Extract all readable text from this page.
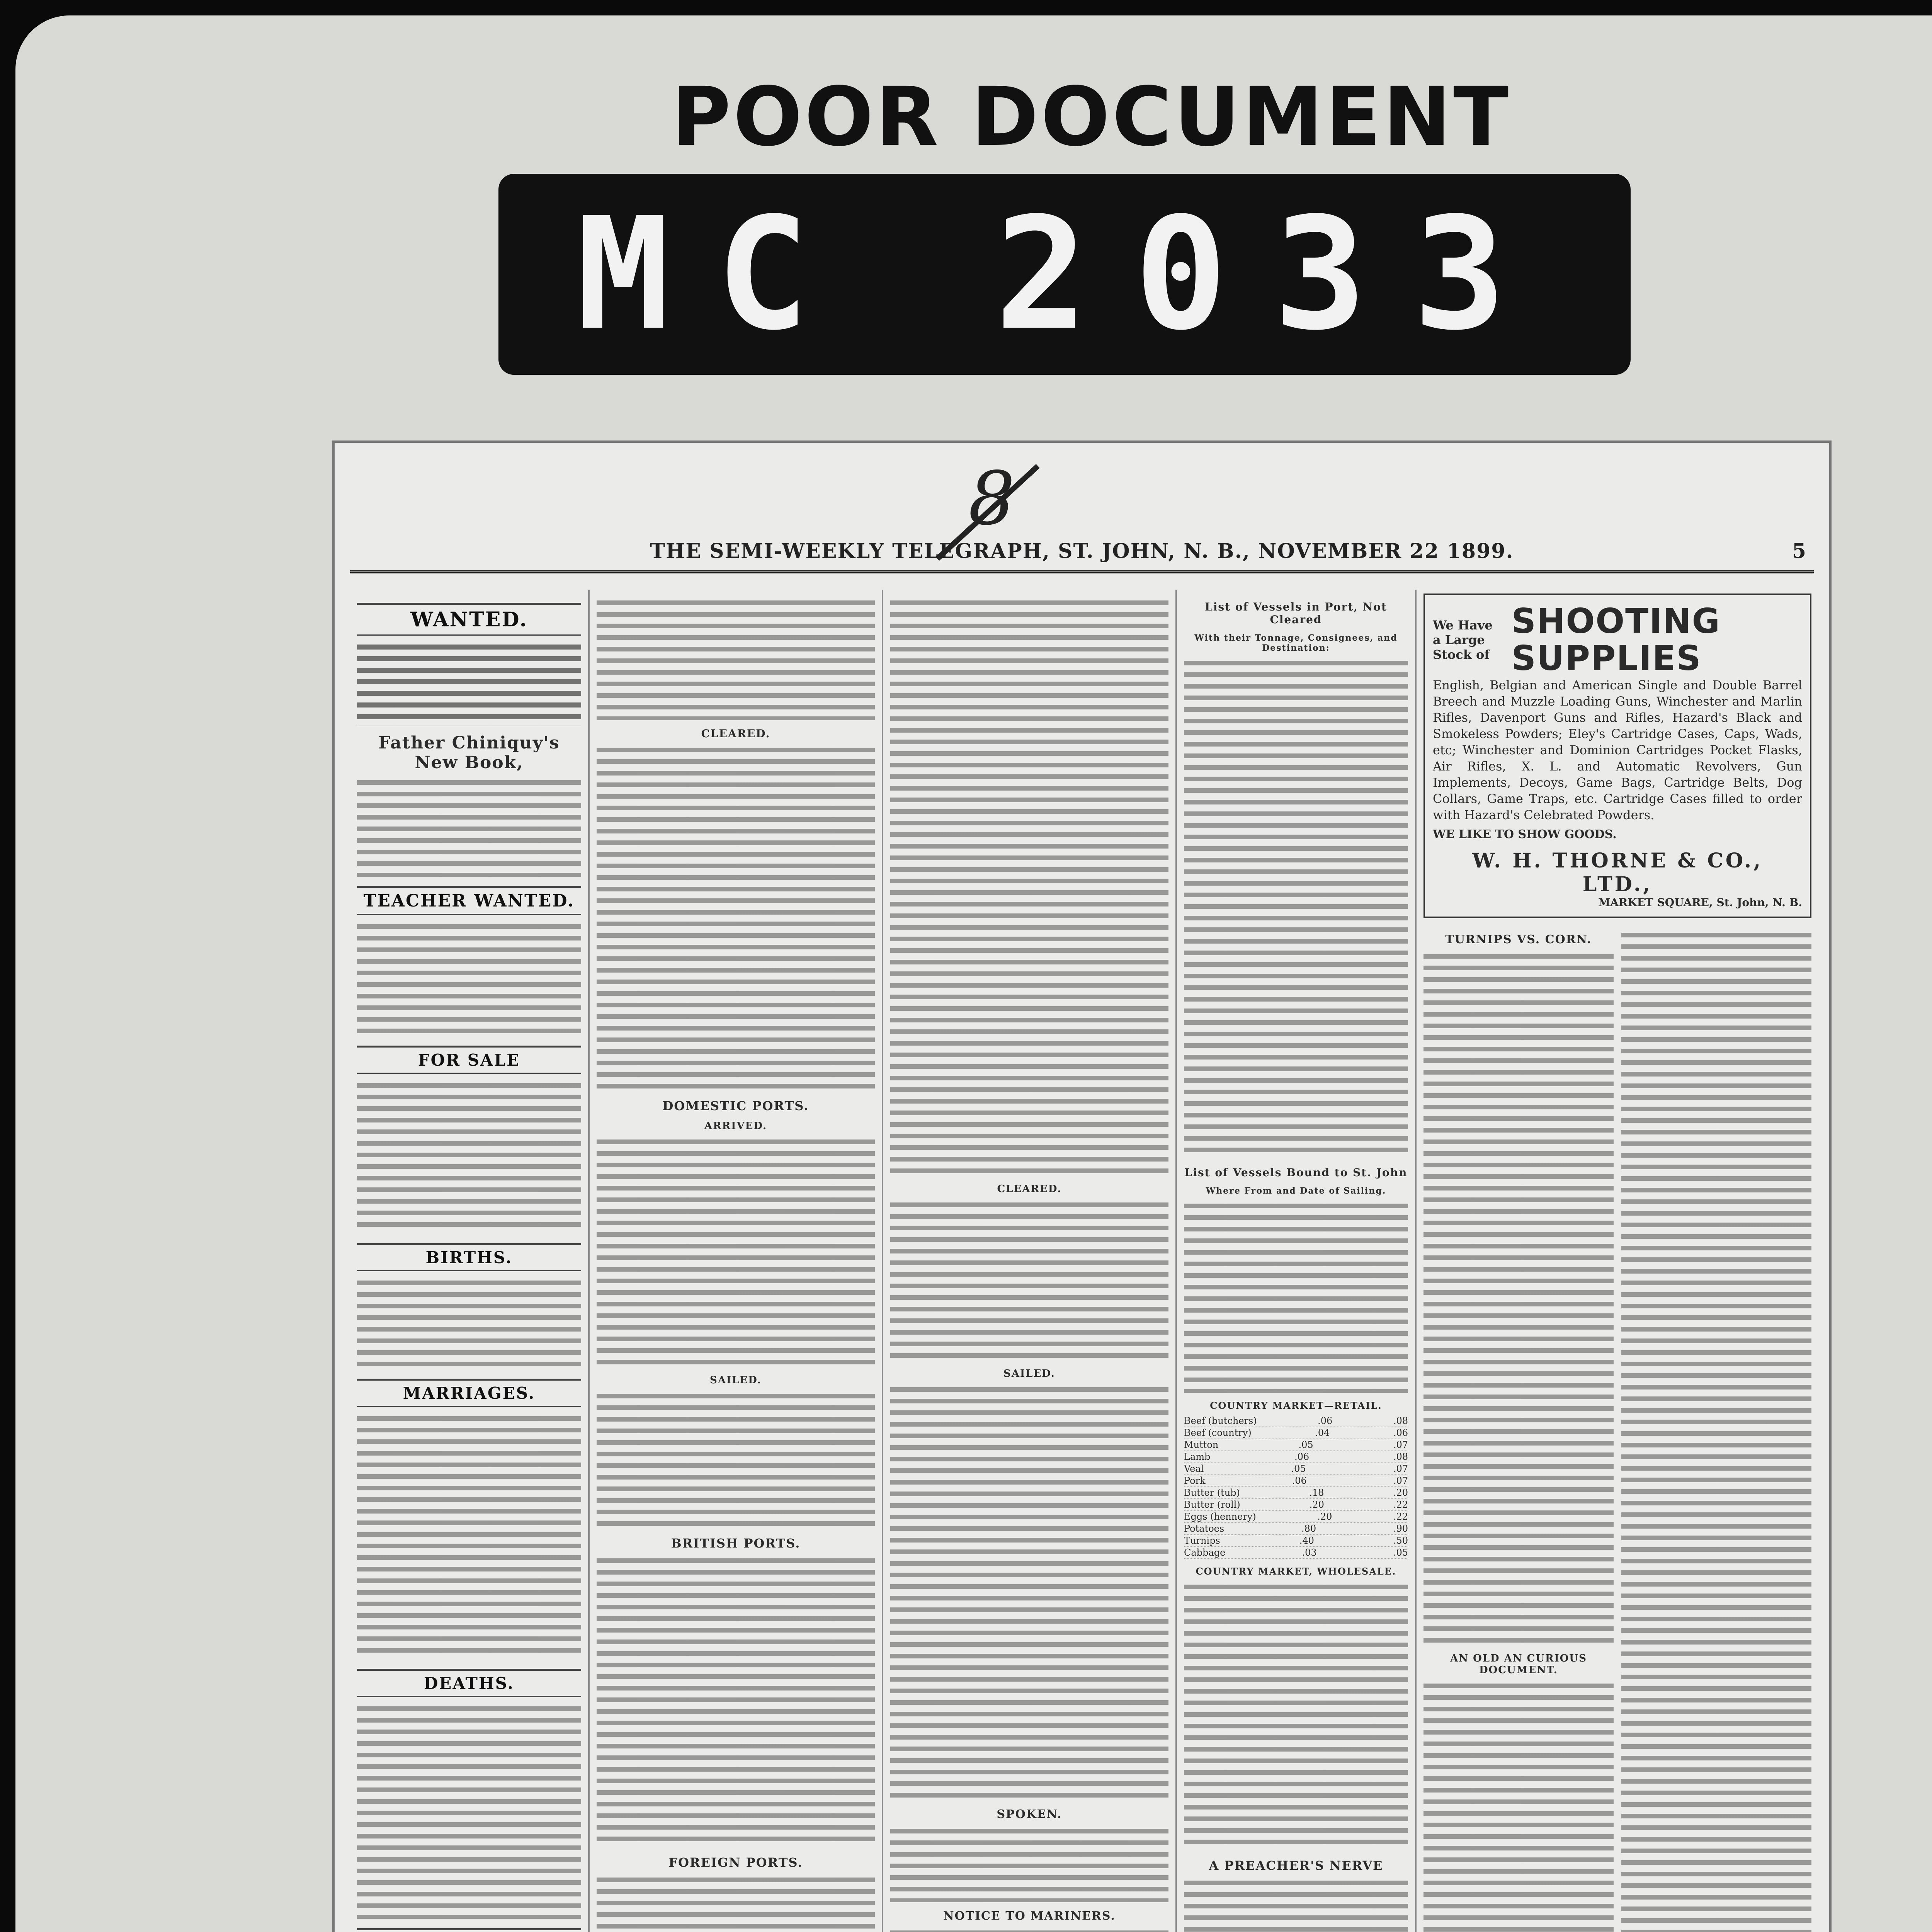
POOR DOCUMENT
MC 2033
8
THE SEMI-WEEKLY TELEGRAPH, ST. JOHN, N. B., NOVEMBER 22 1899.	5
WANTED.
Father Chiniquy's New Book,
TEACHER WANTED.
FOR SALE
BIRTHS.
MARRIAGES.
DEATHS.
CLEARED.
DOMESTIC PORTS.
ARRIVED.
SAILED.
BRITISH PORTS.
FOREIGN PORTS.
CLEARED.
SAILED.
SPOKEN.
NOTICE TO MARINERS.
List of Vessels in Port, Not Cleared
With their Tonnage, Consignees, and Destination:
List of Vessels Bound to St. John
Where From and Date of Sailing.
COUNTRY MARKET—RETAIL.
Beef (butchers)	.06	.08
Beef (country)	.04	.06
Mutton	.05	.07
Lamb	.06	.08
Veal	.05	.07
Pork	.06	.07
Butter (tub)	.18	.20
Butter (roll)	.20	.22
Eggs (hennery)	.20	.22
Potatoes	.80	.90
Turnips	.40	.50
Cabbage	.03	.05
COUNTRY MARKET, WHOLESALE.
A PREACHER'S NERVE
We Have a Large Stock of
SHOOTING SUPPLIES

English, Belgian and American Single and Double Barrel Breech and Muzzle Loading Guns, Winchester and Marlin Rifles, Davenport Guns and Rifles, Hazard's Black and Smokeless Powders; Eley's Cartridge Cases, Caps, Wads, etc; Winchester and Dominion Cartridges Pocket Flasks, Air Rifles, X. L. and Automatic Revolvers, Gun Implements, Decoys, Game Bags, Cartridge Belts, Dog Collars, Game Traps, etc. Cartridge Cases filled to order with Hazard's Celebrated Powders.

WE LIKE TO SHOW GOODS.
W. H. THORNE & CO., LTD.,
MARKET SQUARE, St. John, N. B.
TURNIPS VS. CORN.
AN OLD AN CURIOUS DOCUMENT.
